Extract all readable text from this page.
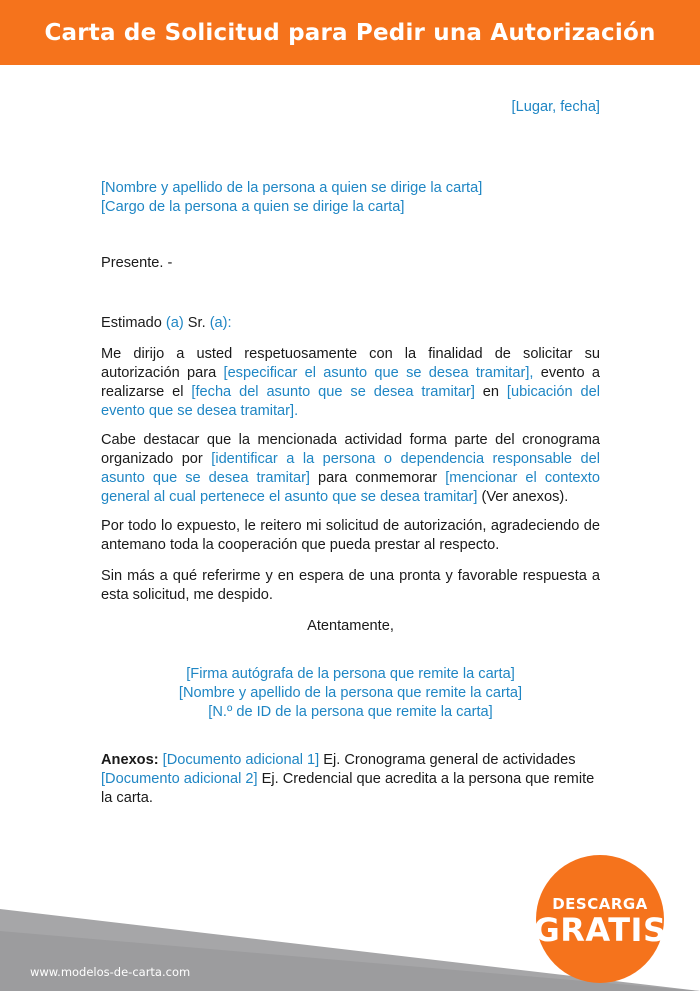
Carta de Solicitud para Pedir una Autorización
[Lugar, fecha]
[Nombre y apellido de la persona a quien se dirige la carta]
[Cargo de la persona a quien se dirige la carta]
Presente. -
Estimado (a) Sr. (a):
Me dirijo a usted respetuosamente con la finalidad de solicitar su autorización para [especificar el asunto que se desea tramitar], evento a realizarse el [fecha del asunto que se desea tramitar] en [ubicación del evento que se desea tramitar].
Cabe destacar que la mencionada actividad forma parte del cronograma organizado por [identificar a la persona o dependencia responsable del asunto que se desea tramitar] para conmemorar [mencionar el contexto general al cual pertenece el asunto que se desea tramitar] (Ver anexos).
Por todo lo expuesto, le reitero mi solicitud de autorización, agradeciendo de antemano toda la cooperación que pueda prestar al respecto.
Sin más a qué referirme y en espera de una pronta y favorable respuesta a esta solicitud, me despido.
Atentamente,
[Firma autógrafa de la persona que remite la carta]
[Nombre y apellido de la persona que remite la carta]
[N.º de ID de la persona que remite la carta]
Anexos: [Documento adicional 1] Ej. Cronograma general de actividades
[Documento adicional 2] Ej. Credencial que acredita a la persona que remite la carta.
www.modelos-de-carta.com
DESCARGA
GRATIS
